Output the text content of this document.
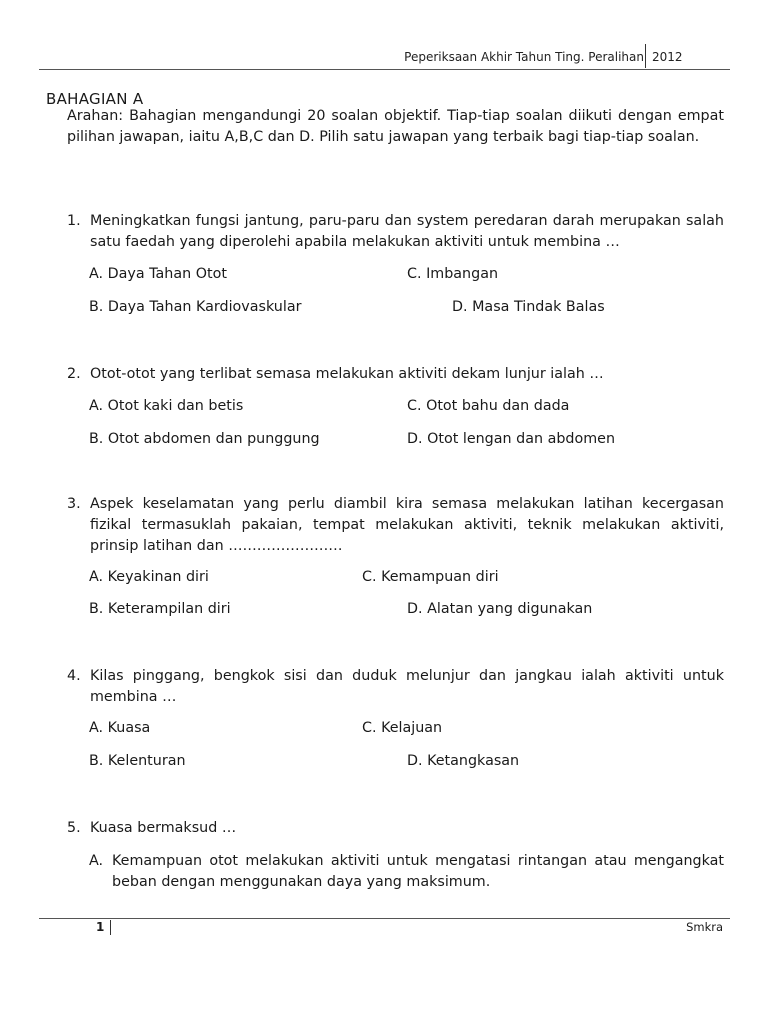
Peperiksaan Akhir Tahun Ting. Peralihan 2012
BAHAGIAN A
Arahan: Bahagian mengandungi 20 soalan objektif. Tiap-tiap soalan diikuti dengan empat pilihan jawapan, iaitu A,B,C dan D. Pilih satu jawapan yang terbaik bagi tiap-tiap soalan.
1. Meningkatkan fungsi jantung, paru-paru dan system peredaran darah merupakan salah satu faedah yang diperolehi apabila melakukan aktiviti untuk membina …
A. Daya Tahan Otot	C. Imbangan
B. Daya Tahan Kardiovaskular	D. Masa Tindak Balas
2. Otot-otot yang terlibat semasa melakukan aktiviti dekam lunjur ialah …
A. Otot kaki dan betis	C. Otot bahu dan dada
B. Otot abdomen dan punggung	D. Otot lengan dan abdomen
3. Aspek keselamatan yang perlu diambil kira semasa melakukan latihan kecergasan fizikal termasuklah pakaian, tempat melakukan aktiviti, teknik melakukan aktiviti, prinsip latihan dan ……………………
A. Keyakinan diri	C. Kemampuan diri
B. Keterampilan diri	D. Alatan yang digunakan
4. Kilas pinggang, bengkok sisi dan duduk melunjur dan jangkau ialah aktiviti untuk membina …
A. Kuasa	C. Kelajuan
B. Kelenturan	D. Ketangkasan
5. Kuasa bermaksud …
A. Kemampuan otot melakukan aktiviti untuk mengatasi rintangan atau mengangkat beban dengan menggunakan daya yang maksimum.
1	Smkra
